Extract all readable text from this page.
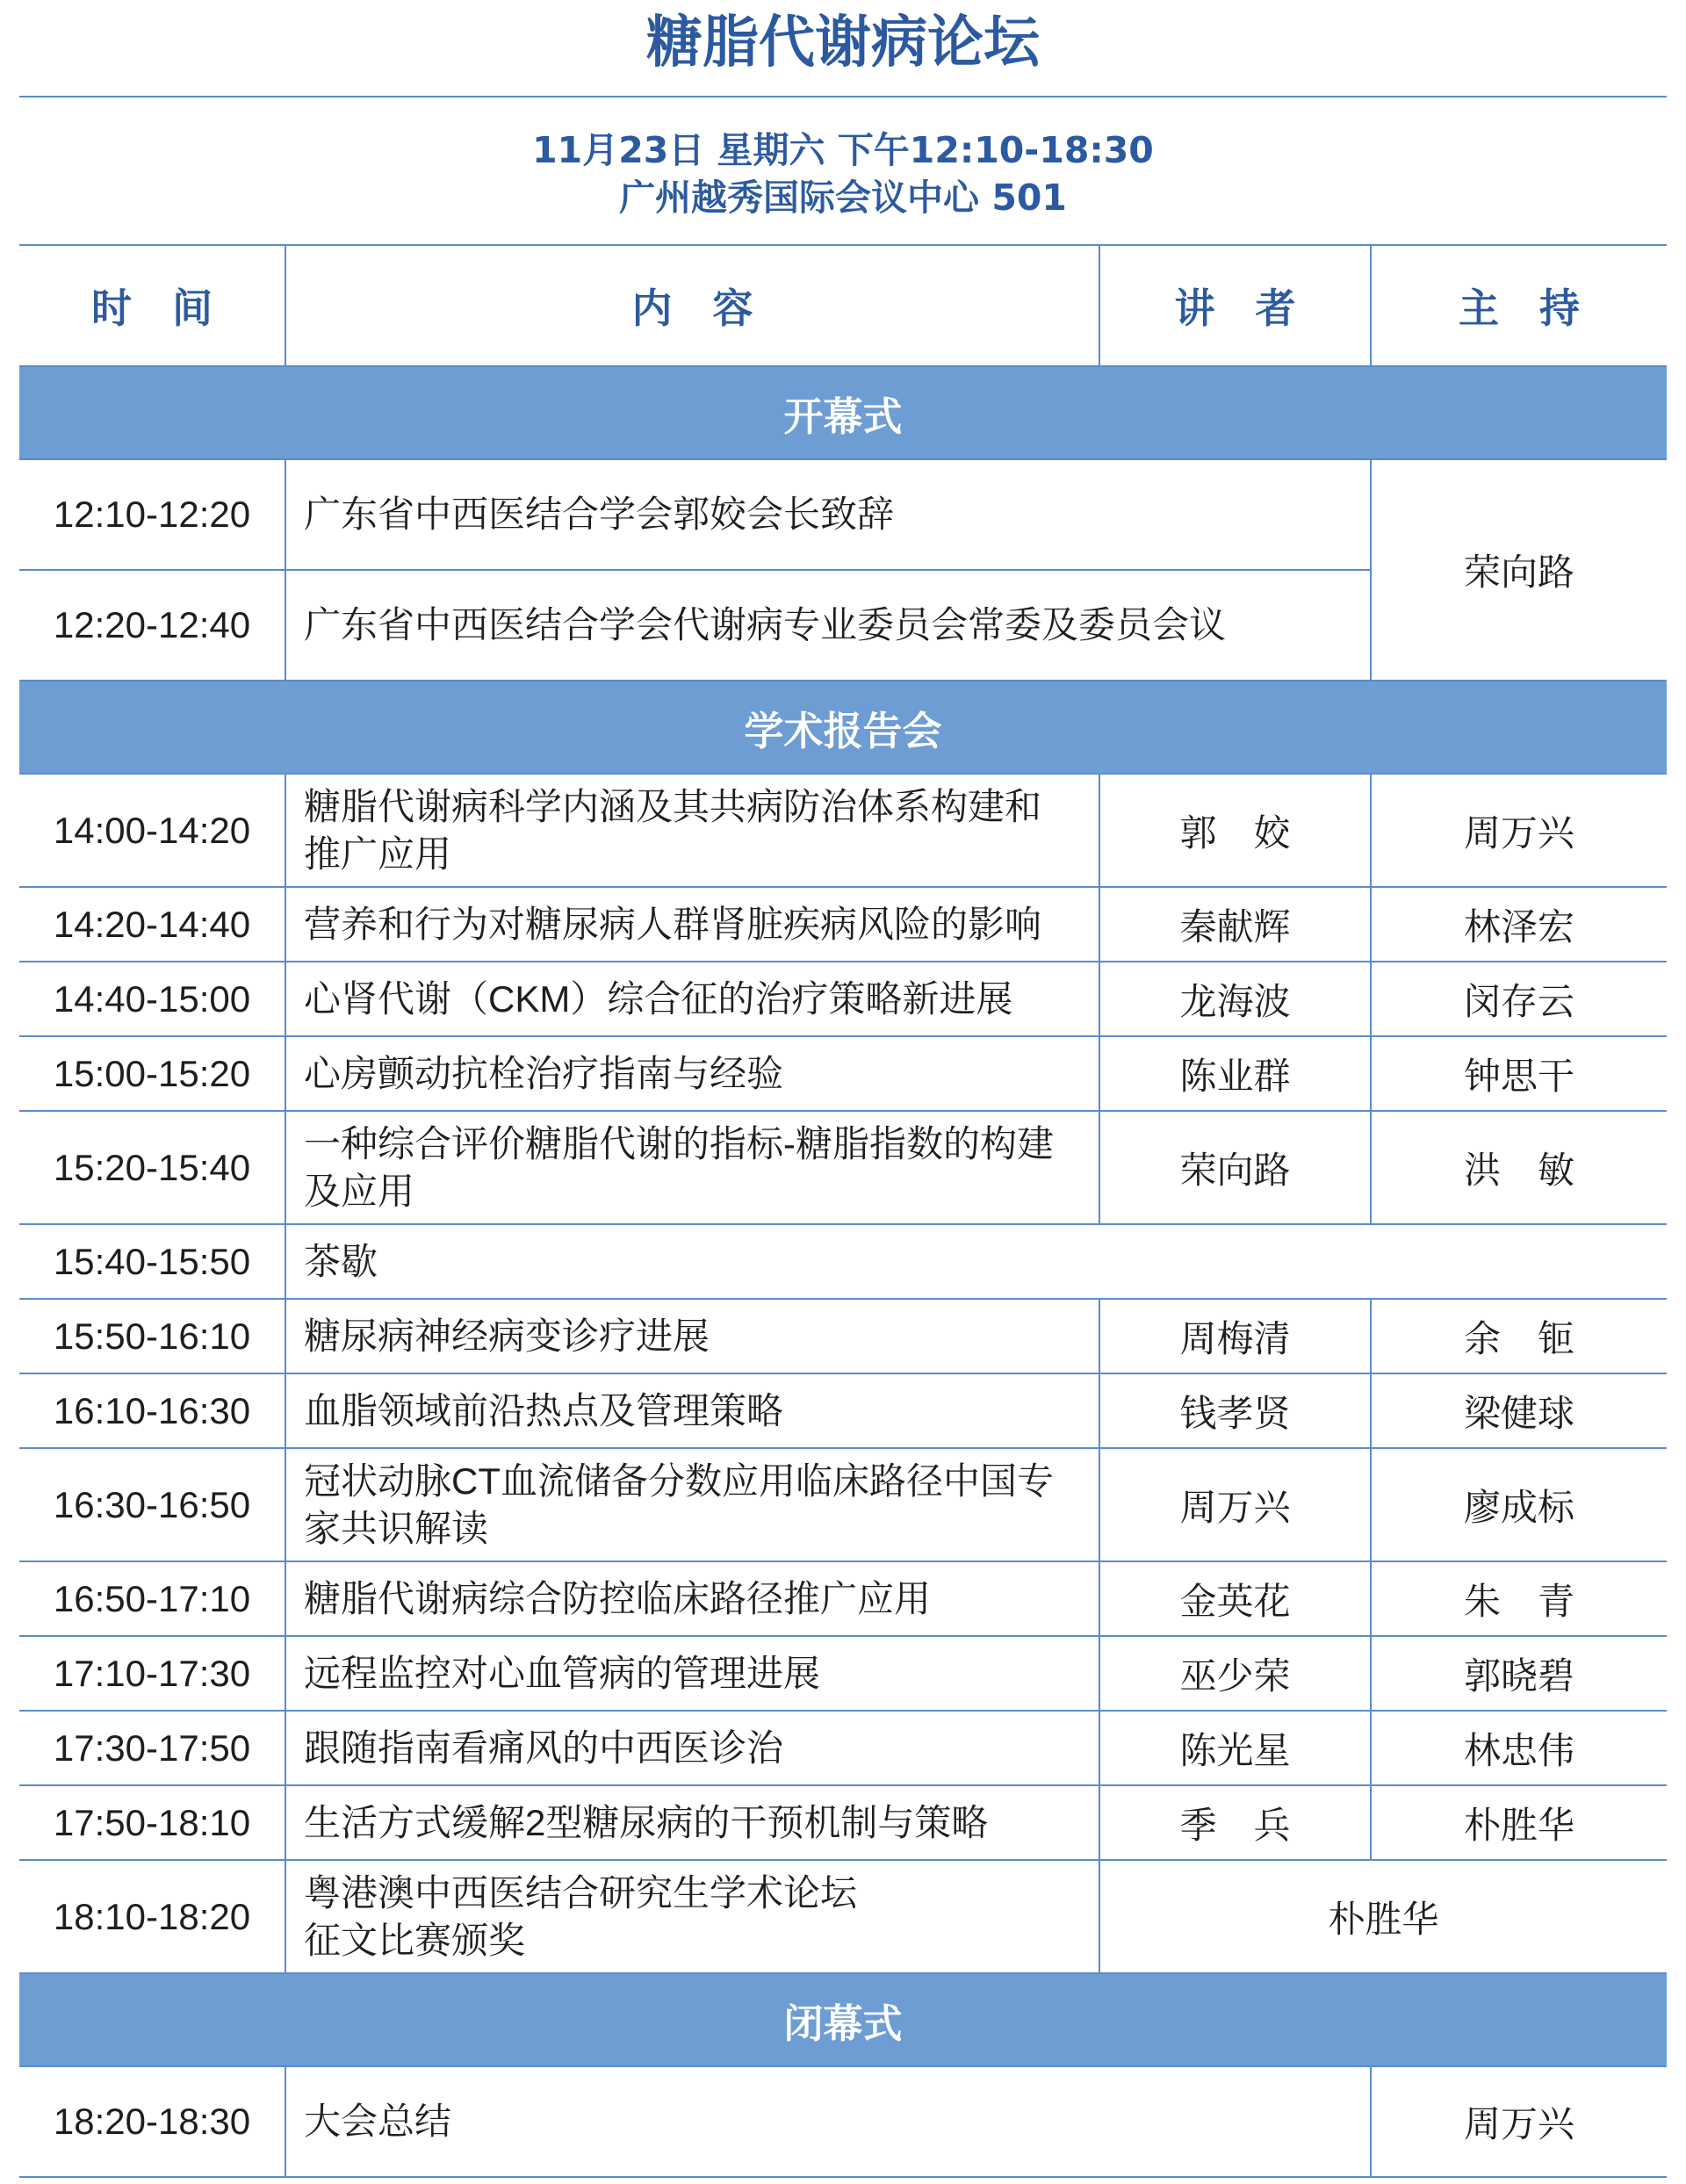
糖脂代谢病论坛
11月23日 星期六 下午12:10-18:30
广州越秀国际会议中心 501
时　间	内　容	讲　者	主　持
开幕式			
12:10-12:20	广东省中西医结合学会郭姣会长致辞		荣向路
12:20-12:40	广东省中西医结合学会代谢病专业委员会常委及委员会议		

学术报告会			
14:00-14:20	糖脂代谢病科学内涵及其共病防治体系构建和
推广应用	郭　姣	周万兴
14:20-14:40	营养和行为对糖尿病人群肾脏疾病风险的影响	秦献辉	林泽宏
14:40-15:00	心肾代谢（CKM）综合征的治疗策略新进展	龙海波	闵存云
15:00-15:20	心房颤动抗栓治疗指南与经验	陈业群	钟思干
15:20-15:40	一种综合评价糖脂代谢的指标-糖脂指数的构建
及应用	荣向路	洪　敏
15:40-15:50	茶歇		

15:50-16:10	糖尿病神经病变诊疗进展	周梅清	余　钷
16:10-16:30	血脂领域前沿热点及管理策略	钱孝贤	梁健球
16:30-16:50	冠状动脉CT血流储备分数应用临床路径中国专
家共识解读	周万兴	廖成标
16:50-17:10	糖脂代谢病综合防控临床路径推广应用	金英花	朱　青
17:10-17:30	远程监控对心血管病的管理进展	巫少荣	郭晓碧
17:30-17:50	跟随指南看痛风的中西医诊治	陈光星	林忠伟
17:50-18:10	生活方式缓解2型糖尿病的干预机制与策略	季　兵	朴胜华
18:10-18:20	粤港澳中西医结合研究生学术论坛
征文比赛颁奖	朴胜华	
闭幕式			
18:20-18:30	大会总结		周万兴
